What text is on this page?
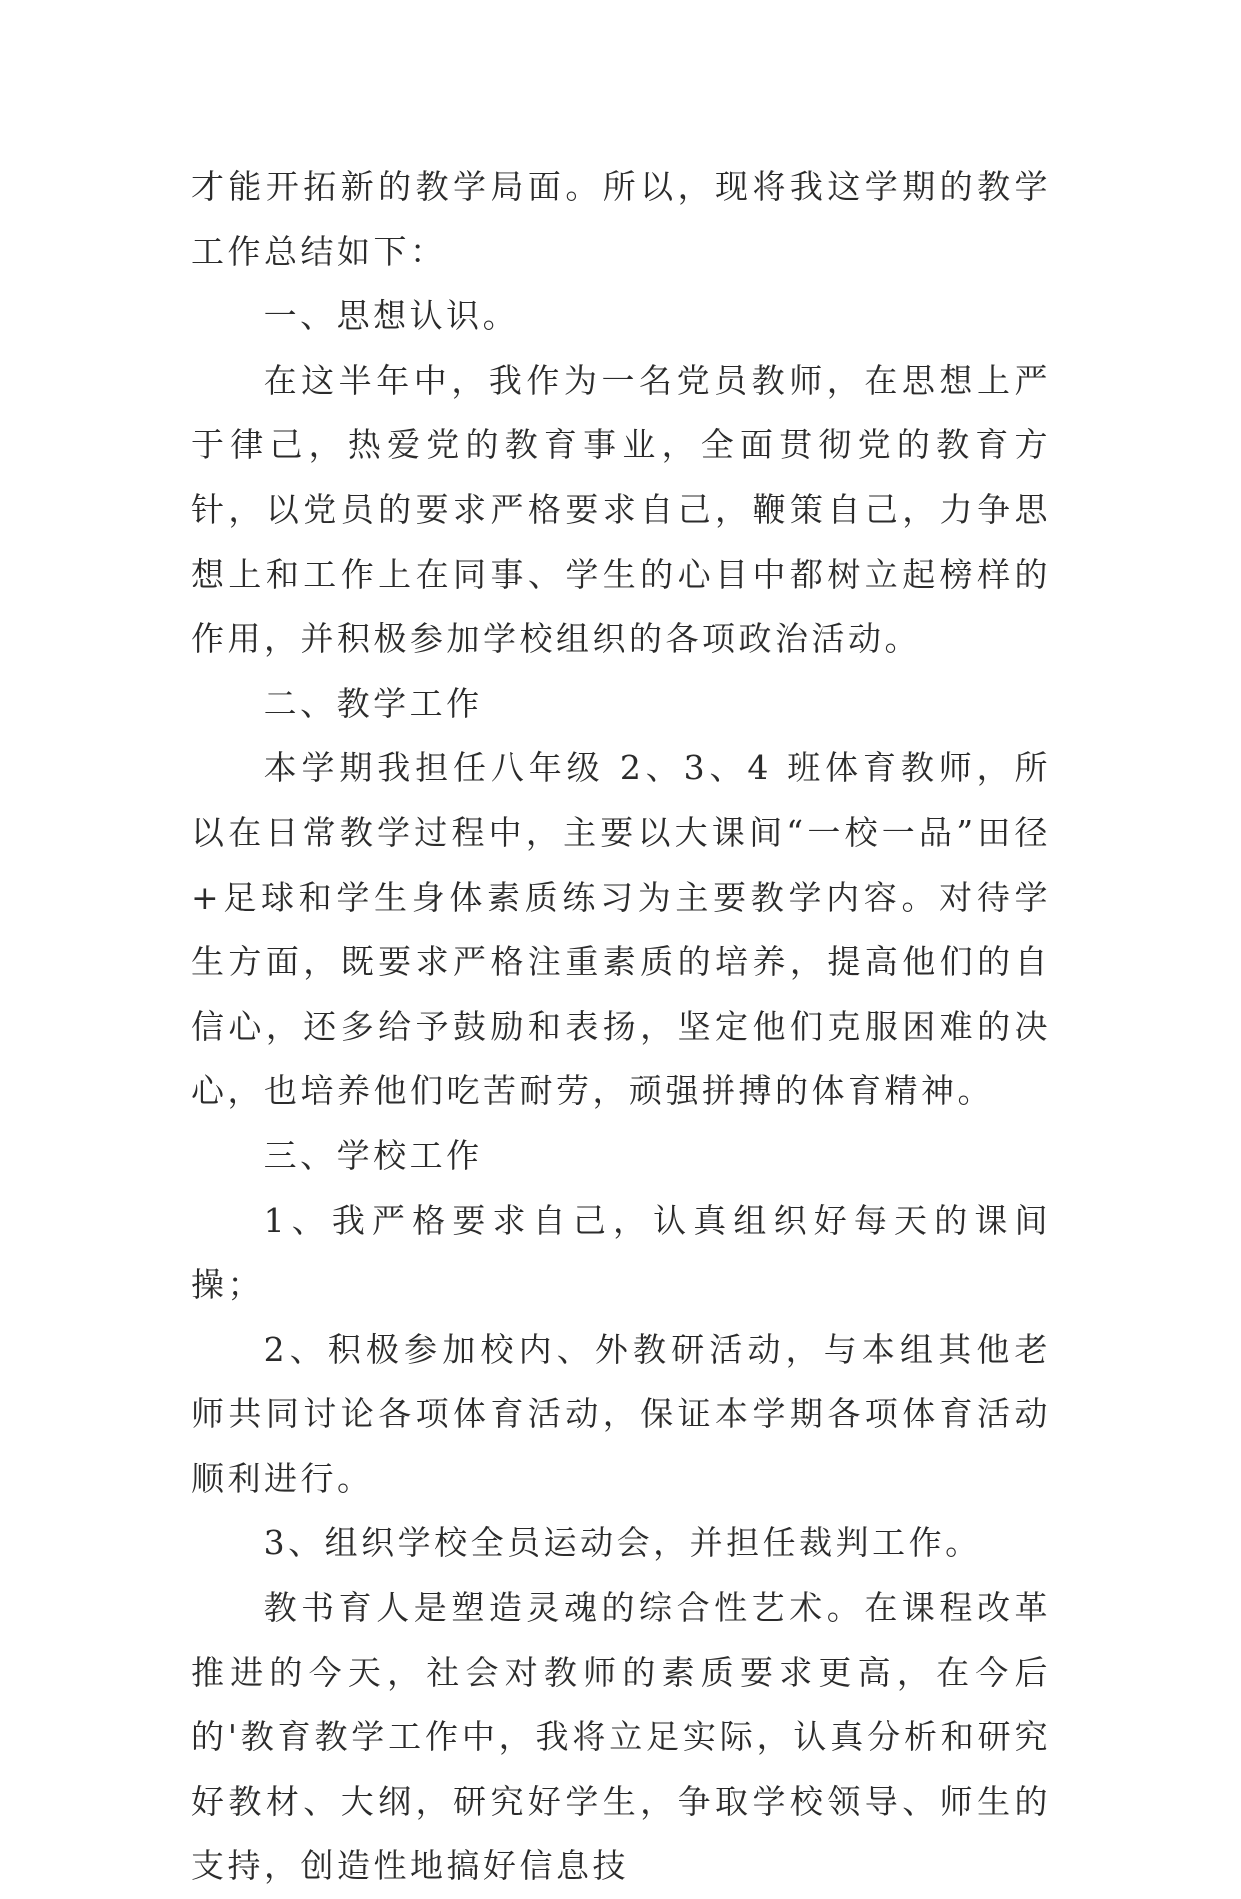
才能开拓新的教学局面。所以，现将我这学期的教学工作总结如下：

一、思想认识。

在这半年中，我作为一名党员教师，在思想上严于律己，热爱党的教育事业，全面贯彻党的教育方针，以党员的要求严格要求自己，鞭策自己，力争思想上和工作上在同事、学生的心目中都树立起榜样的作用，并积极参加学校组织的各项政治活动。

二、教学工作

本学期我担任八年级 2、3、4 班体育教师，所以在日常教学过程中，主要以大课间“一校一品”田径+足球和学生身体素质练习为主要教学内容。对待学生方面，既要求严格注重素质的培养，提高他们的自信心，还多给予鼓励和表扬，坚定他们克服困难的决心，也培养他们吃苦耐劳，顽强拼搏的体育精神。

三、学校工作

1、我严格要求自己，认真组织好每天的课间操；

2、积极参加校内、外教研活动，与本组其他老师共同讨论各项体育活动，保证本学期各项体育活动顺利进行。

3、组织学校全员运动会，并担任裁判工作。

教书育人是塑造灵魂的综合性艺术。在课程改革推进的今天，社会对教师的素质要求更高，在今后的'教育教学工作中，我将立足实际，认真分析和研究好教材、大纲，研究好学生，争取学校领导、师生的支持，创造性地搞好信息技
